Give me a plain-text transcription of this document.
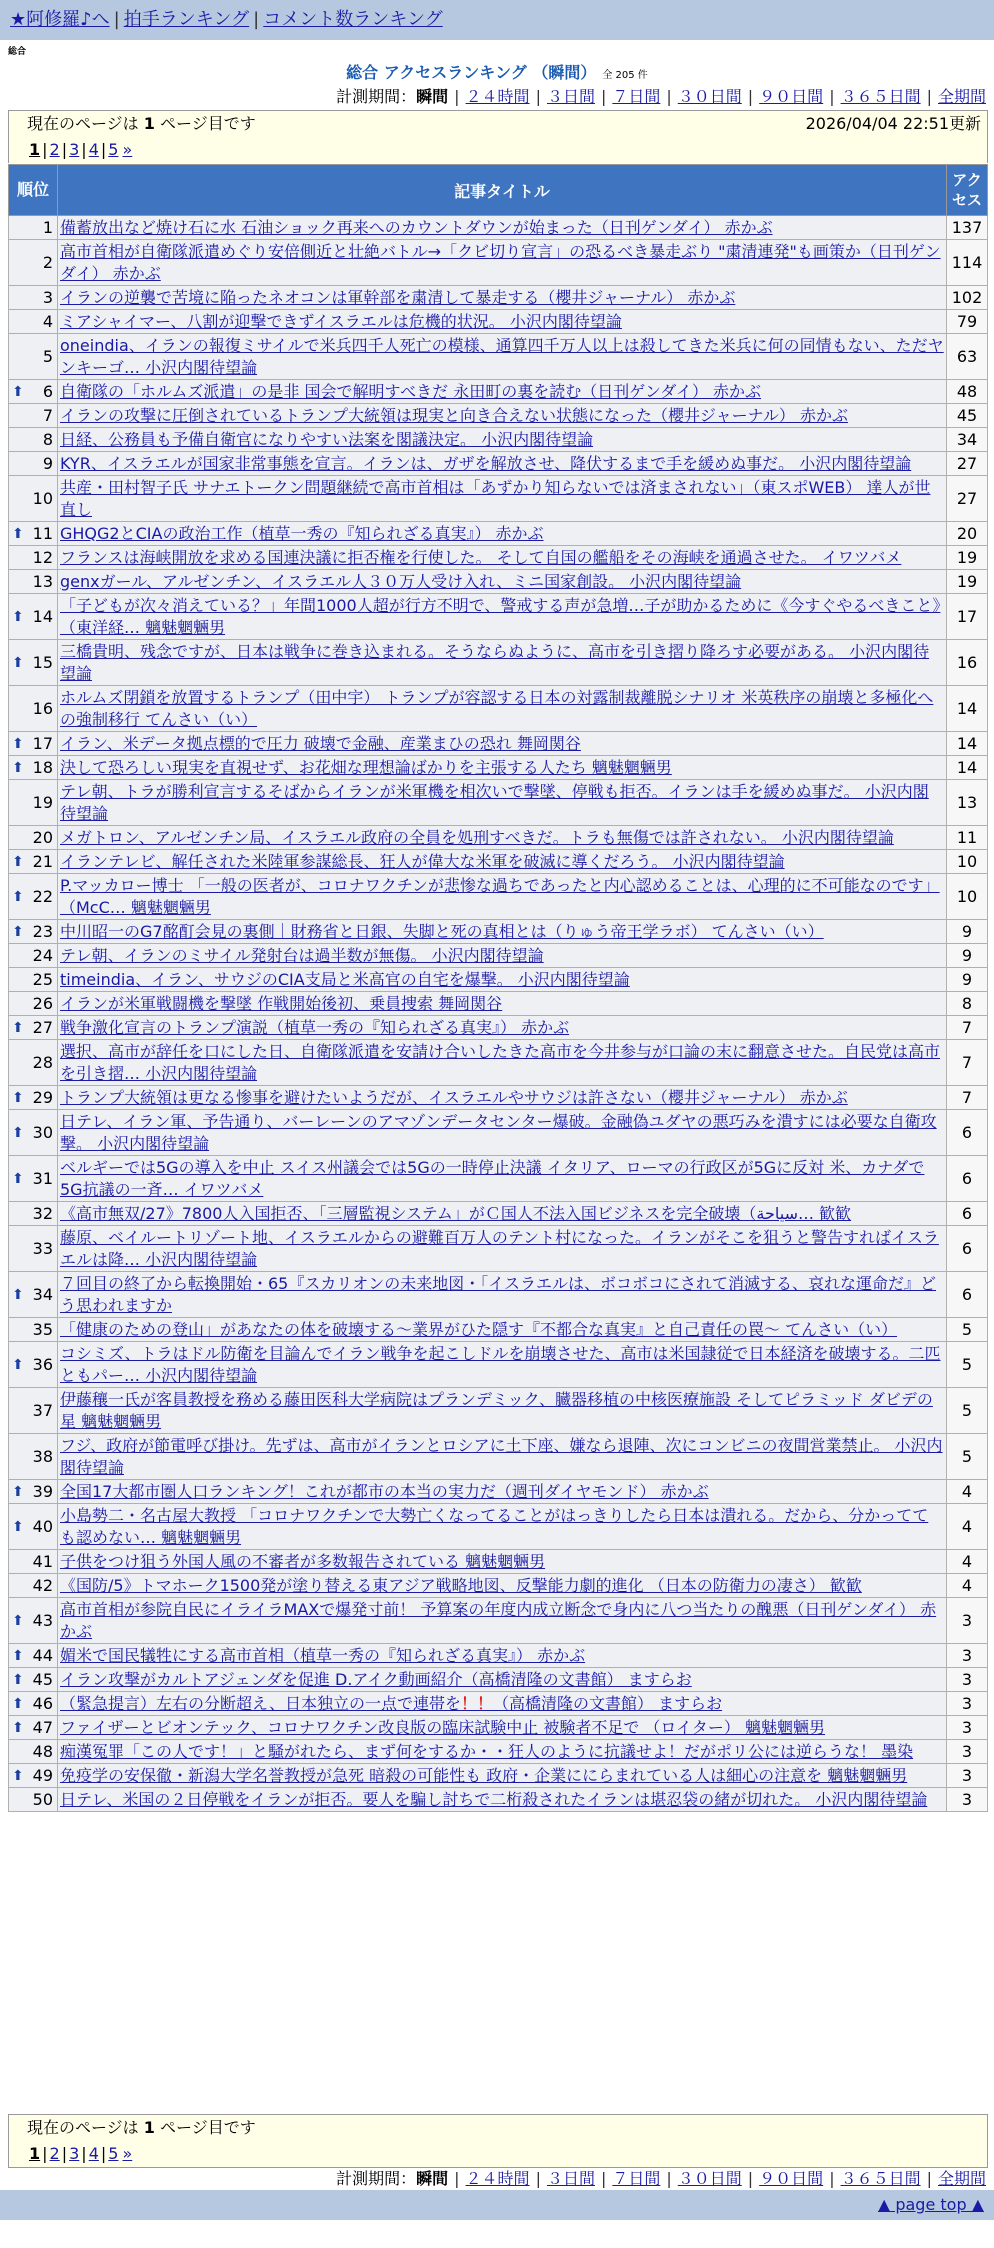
★阿修羅♪へ | 拍手ランキング | コメント数ランキング
総合
総合 アクセスランキング （瞬間） 全 205 件
計測期間：瞬間 | ２４時間 | ３日間 | ７日間 | ３０日間 | ９０日間 | ３６５日間 | 全期間
現在のページは 1 ページ目です	2026/04/04 22:51更新
1 | 2 | 3 | 4 | 5 »
順位	記事タイトル	アクセス
1	備蓄放出など焼け石に水 石油ショック再来へのカウントダウンが始まった（日刊ゲンダイ） 赤かぶ	137
2	高市首相が自衛隊派遣めぐり安倍側近と壮絶バトル→「クビ切り宣言」の恐るべき暴走ぶり "粛清連発"も画策か（日刊ゲンダイ） 赤かぶ	114
3	イランの逆襲で苦境に陥ったネオコンは軍幹部を粛清して暴走する（櫻井ジャーナル） 赤かぶ	102
4	ミアシャイマー、八割が迎撃できずイスラエルは危機的状況。 小沢内閣待望論	79
5	oneindia、イランの報復ミサイルで米兵四千人死亡の模様、通算四千万人以上は殺してきた米兵に何の同情もない、ただヤンキーゴ… 小沢内閣待望論	63

⬆ 6	自衛隊の「ホルムズ派遣」の是非 国会で解明すべきだ 永田町の裏を読む（日刊ゲンダイ） 赤かぶ	48
7	イランの攻撃に圧倒されているトランプ大統領は現実と向き合えない状態になった（櫻井ジャーナル） 赤かぶ	45
8	日経、公務員も予備自衛官になりやすい法案を閣議決定。 小沢内閣待望論	34
9	KYR、イスラエルが国家非常事態を宣言。イランは、ガザを解放させ、降伏するまで手を緩めぬ事だ。 小沢内閣待望論	27
10	共産・田村智子氏 サナエトークン問題継続で高市首相は「あずかり知らないでは済まされない」（東スポWEB） 達人が世直し	27

⬆ 11	GHQG2とCIAの政治工作（植草一秀の『知られざる真実』） 赤かぶ	20
12	フランスは海峡開放を求める国連決議に拒否権を行使した。 そして自国の艦船をその海峡を通過させた。 イワツバメ	19
13	genxガール、アルゼンチン、イスラエル人３０万人受け入れ、ミニ国家創設。 小沢内閣待望論	19

⬆ 14	「子どもが次々消えている？」年間1000人超が行方不明で、警戒する声が急増…子が助かるために《今すぐやるべきこと》（東洋経… 魑魅魍魎男	17

⬆ 15	三橋貴明、残念ですが、日本は戦争に巻き込まれる。そうならぬように、高市を引き摺り降ろす必要がある。 小沢内閣待望論	16
16	ホルムズ閉鎖を放置するトランプ（田中宇） トランプが容認する日本の対露制裁離脱シナリオ 米英秩序の崩壊と多極化への強制移行 てんさい（い）	14

⬆ 17	イラン、米データ拠点標的で圧力 破壊で金融、産業まひの恐れ 舞岡関谷	14

⬆ 18	決して恐ろしい現実を直視せず、お花畑な理想論ばかりを主張する人たち 魑魅魍魎男	14
19	テレ朝、トラが勝利宣言するそばからイランが米軍機を相次いで撃墜、停戦も拒否。イランは手を緩めぬ事だ。 小沢内閣待望論	13
20	メガトロン、アルゼンチン局、イスラエル政府の全員を処刑すべきだ。トラも無傷では許されない。 小沢内閣待望論	11

⬆ 21	イランテレビ、解任された米陸軍参謀総長、狂人が偉大な米軍を破滅に導くだろう。 小沢内閣待望論	10

⬆ 22	P.マッカロー博士 「一般の医者が、コロナワクチンが悲惨な過ちであったと内心認めることは、心理的に不可能なのです」（McC… 魑魅魍魎男	10

⬆ 23	中川昭一のG7酩酊会見の裏側｜財務省と日銀、失脚と死の真相とは（りゅう帝王学ラボ） てんさい（い）	9
24	テレ朝、イランのミサイル発射台は過半数が無傷。 小沢内閣待望論	9
25	timeindia、イラン、サウジのCIA支局と米高官の自宅を爆撃。 小沢内閣待望論	9
26	イランが米軍戦闘機を撃墜 作戦開始後初、乗員捜索 舞岡関谷	8

⬆ 27	戦争激化宣言のトランプ演説（植草一秀の『知られざる真実』） 赤かぶ	7
28	選択、高市が辞任を口にした日、自衛隊派遣を安請け合いしたきた高市を今井参与が口論の末に翻意させた。自民党は高市を引き摺… 小沢内閣待望論	7

⬆ 29	トランプ大統領は更なる惨事を避けたいようだが、イスラエルやサウジは許さない（櫻井ジャーナル） 赤かぶ	7

⬆ 30	日テレ、イラン軍、予告通り、バーレーンのアマゾンデータセンター爆破。金融偽ユダヤの悪巧みを潰すには必要な自衛攻撃。 小沢内閣待望論	6

⬆ 31	ベルギーでは5Gの導入を中止 スイス州議会では5Gの一時停止決議 イタリア、ローマの行政区が5Gに反対 米、カナダで5G抗議の一斉… イワツバメ	6
32	《高市無双/27》7800人入国拒否、「三層監視システム」がＣ国人不法入国ビジネスを完全破壊（ﺳﻴﺎﺣﺔ… 歓歓	6
33	藤原、ベイルートリゾート地、イスラエルからの避難百万人のテント村になった。イランがそこを狙うと警告すればイスラエルは降… 小沢内閣待望論	6

⬆ 34	７回目の終了から転換開始・65『スカリオンの未来地図・「イスラエルは、ボコボコにされて消滅する、哀れな運命だ』どう思われますか	6
35	「健康のための登山」があなたの体を破壊する〜業界がひた隠す『不都合な真実』と自己責任の罠〜 てんさい（い）	5

⬆ 36	コシミズ、トラはドル防衛を目論んでイラン戦争を起こしドルを崩壊させた、高市は米国隷従で日本経済を破壊する。二匹ともパー… 小沢内閣待望論	5
37	伊藤穰一氏が客員教授を務める藤田医科大学病院はプランデミック、臓器移植の中核医療施設 そしてピラミッド ダビデの星 魑魅魍魎男	5
38	フジ、政府が節電呼び掛け。先ずは、高市がイランとロシアに土下座、嫌なら退陣、次にコンビニの夜間営業禁止。 小沢内閣待望論	5

⬆ 39	全国17大都市圏人口ランキング！これが都市の本当の実力だ（週刊ダイヤモンド） 赤かぶ	4

⬆ 40	小島勢二・名古屋大教授 「コロナワクチンで大勢亡くなってることがはっきりしたら日本は潰れる。だから、分かってても認めない… 魑魅魍魎男	4
41	子供をつけ狙う外国人風の不審者が多数報告されている 魑魅魍魎男	4
42	《国防/5》トマホーク1500発が塗り替える東アジア戦略地図、反撃能力劇的進化 （日本の防衛力の凄さ） 歓歓	4

⬆ 43	高市首相が参院自民にイライラMAXで爆発寸前！ 予算案の年度内成立断念で身内に八つ当たりの醜悪（日刊ゲンダイ） 赤かぶ	3

⬆ 44	媚米で国民犠牲にする高市首相（植草一秀の『知られざる真実』） 赤かぶ	3

⬆ 45	イラン攻撃がカルトアジェンダを促進 D.アイク動画紹介（高橋清隆の文書館） ますらお	3

⬆ 46	（緊急提言）左右の分断超え、日本独立の一点で連帯を！！（高橋清隆の文書館） ますらお	3

⬆ 47	ファイザーとビオンテック、コロナワクチン改良版の臨床試験中止 被験者不足で （ロイター） 魑魅魍魎男	3
48	痴漢冤罪「この人です！」と騒がれたら、まず何をするか・・狂人のように抗議せよ！だがポリ公には逆らうな！ 墨染	3

⬆ 49	免疫学の安保徹・新潟大学名誉教授が急死 暗殺の可能性も 政府・企業ににらまれている人は細心の注意を 魑魅魍魎男	3
50	日テレ、米国の２日停戦をイランが拒否。要人を騙し討ちで二桁殺されたイランは堪忍袋の緒が切れた。 小沢内閣待望論	3
現在のページは 1 ページ目です
1 | 2 | 3 | 4 | 5 »
計測期間：瞬間 | ２４時間 | ３日間 | ７日間 | ３０日間 | ９０日間 | ３６５日間 | 全期間
▲ page top ▲
